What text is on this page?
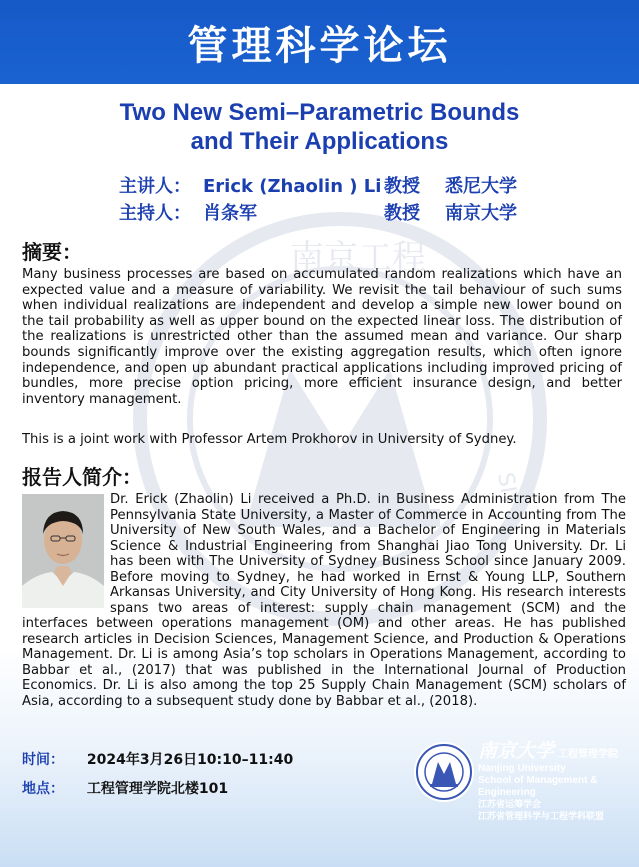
管理科学论坛
南京工程
SITY
Two New Semi–Parametric Bounds
and Their Applications
主讲人： Erick (Zhaolin ) Li 教授	悉尼大学
主持人： 肖条军	教授	南京大学
摘要：

Many business processes are based on accumulated random realizations which have an expected value and a measure of variability. We revisit the tail behaviour of such sums when individual realizations are independent and develop a simple new lower bound on the tail probability as well as upper bound on the expected linear loss. The distribution of the realizations is unrestricted other than the assumed mean and variance. Our sharp bounds significantly improve over the existing aggregation results, which often ignore independence, and open up abundant practical applications including improved pricing of bundles, more precise option pricing, more efficient insurance design, and better inventory management.

This is a joint work with Professor Artem Prokhorov in University of Sydney.

报告人简介：
Dr. Erick (Zhaolin) Li received a Ph.D. in Business Administration from The Pennsylvania State University, a Master of Commerce in Accounting from The University of New South Wales, and a Bachelor of Engineering in Materials Science & Industrial Engineering from Shanghai Jiao Tong University. Dr. Li has been with The University of Sydney Business School since January 2009. Before moving to Sydney, he had worked in Ernst & Young LLP, Southern Arkansas University, and City University of Hong Kong. His research interests spans two areas of interest: supply chain management (SCM) and the interfaces between operations management (OM) and other areas. He has published research articles in Decision Sciences, Management Science, and Production & Operations Management. Dr. Li is among Asia’s top scholars in Operations Management, according to Babbar et al., (2017) that was published in the International Journal of Production Economics. Dr. Li is also among the top 25 Supply Chain Management (SCM) scholars of Asia, according to a subsequent study done by Babbar et al., (2018).
时间： 2024年3月26日10:10–11:40
地点： 工程管理学院北楼101
南京大学 工程管理学院
Nanjing University
School of Management & Engineering
江苏省运筹学会
江苏省管理科学与工程学科联盟
